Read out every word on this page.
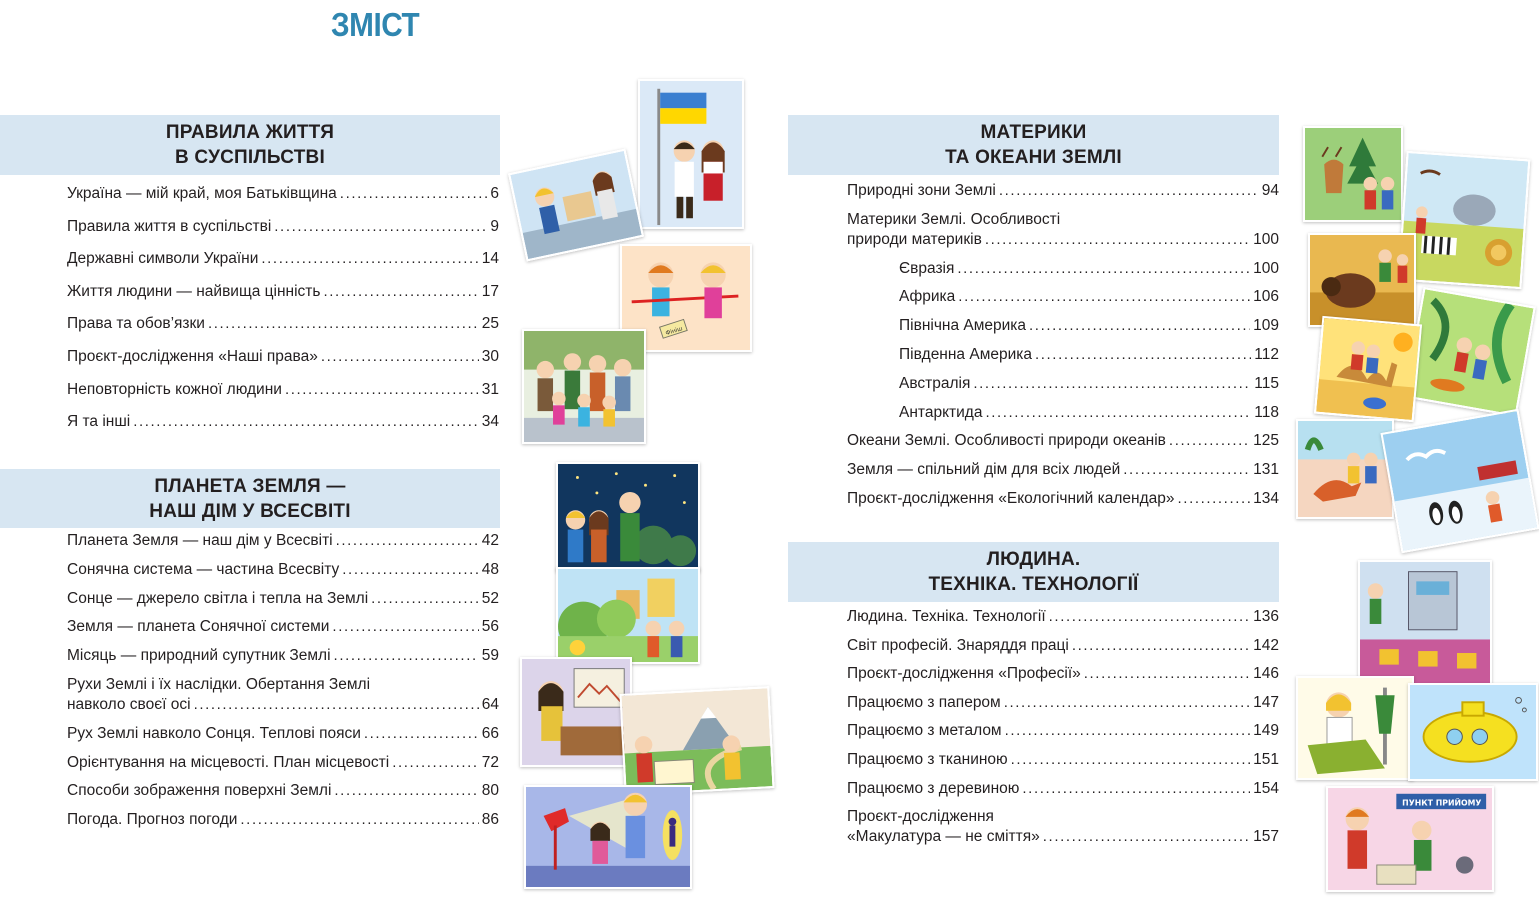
ЗМІСТ
ПРАВИЛА ЖИТТЯ
В СУСПІЛЬСТВІ
ПЛАНЕТА ЗЕМЛЯ —
НАШ ДІМ У ВСЕСВІТІ
МАТЕРИКИ
ТА ОКЕАНИ ЗЕМЛІ
ЛЮДИНА.
ТЕХНІКА. ТЕХНОЛОГІЇ
Україна — мій край, моя Батьківщина .....	6
Правила життя в суспільстві .....	9
Державні символи України .....	14
Життя людини — найвища цінність .....	17
Права та обов’язки .....	25
Проєкт-дослідження «Наші права» .....	30
Неповторність кожної людини .....	31
Я та інші .....	34
Планета Земля — наш дім у Всесвіті .....	42
Сонячна система — частина Всесвіту .....	48
Сонце — джерело світла і тепла на Землі .....	52
Земля — планета Сонячної системи .....	56
Місяць — природний супутник Землі .....	59
Рухи Землі і їх наслідки. Обертання Землі
навколо своєї осі .....	64
Рух Землі навколо Сонця. Теплові пояси .....	66
Орієнтування на місцевості. План місцевості .....	72
Способи зображення поверхні Землі .....	80
Погода. Прогноз погоди .....	86
Природні зони Землі .....	94
Материки Землі. Особливості
природи материків .....	100
Євразія .....	100
Африка .....	106
Північна Америка .....	109
Південна Америка .....	112
Австралія .....	115
Антарктида .....	118
Океани Землі. Особливості природи океанів .....	125
Земля — спільний дім для всіх людей .....	131
Проєкт-дослідження «Екологічний календар» .....	134
Людина. Техніка. Технології .....	136
Світ професій. Знаряддя праці .....	142
Проєкт-дослідження «Професії» .....	146
Працюємо з папером .....	147
Працюємо з металом .....	149
Працюємо з тканиною .....	151
Працюємо з деревиною .....	154
Проєкт-дослідження
«Макулатура — не сміття» .....	157
Фініш
ПУНКТ ПРИЙОМУ
